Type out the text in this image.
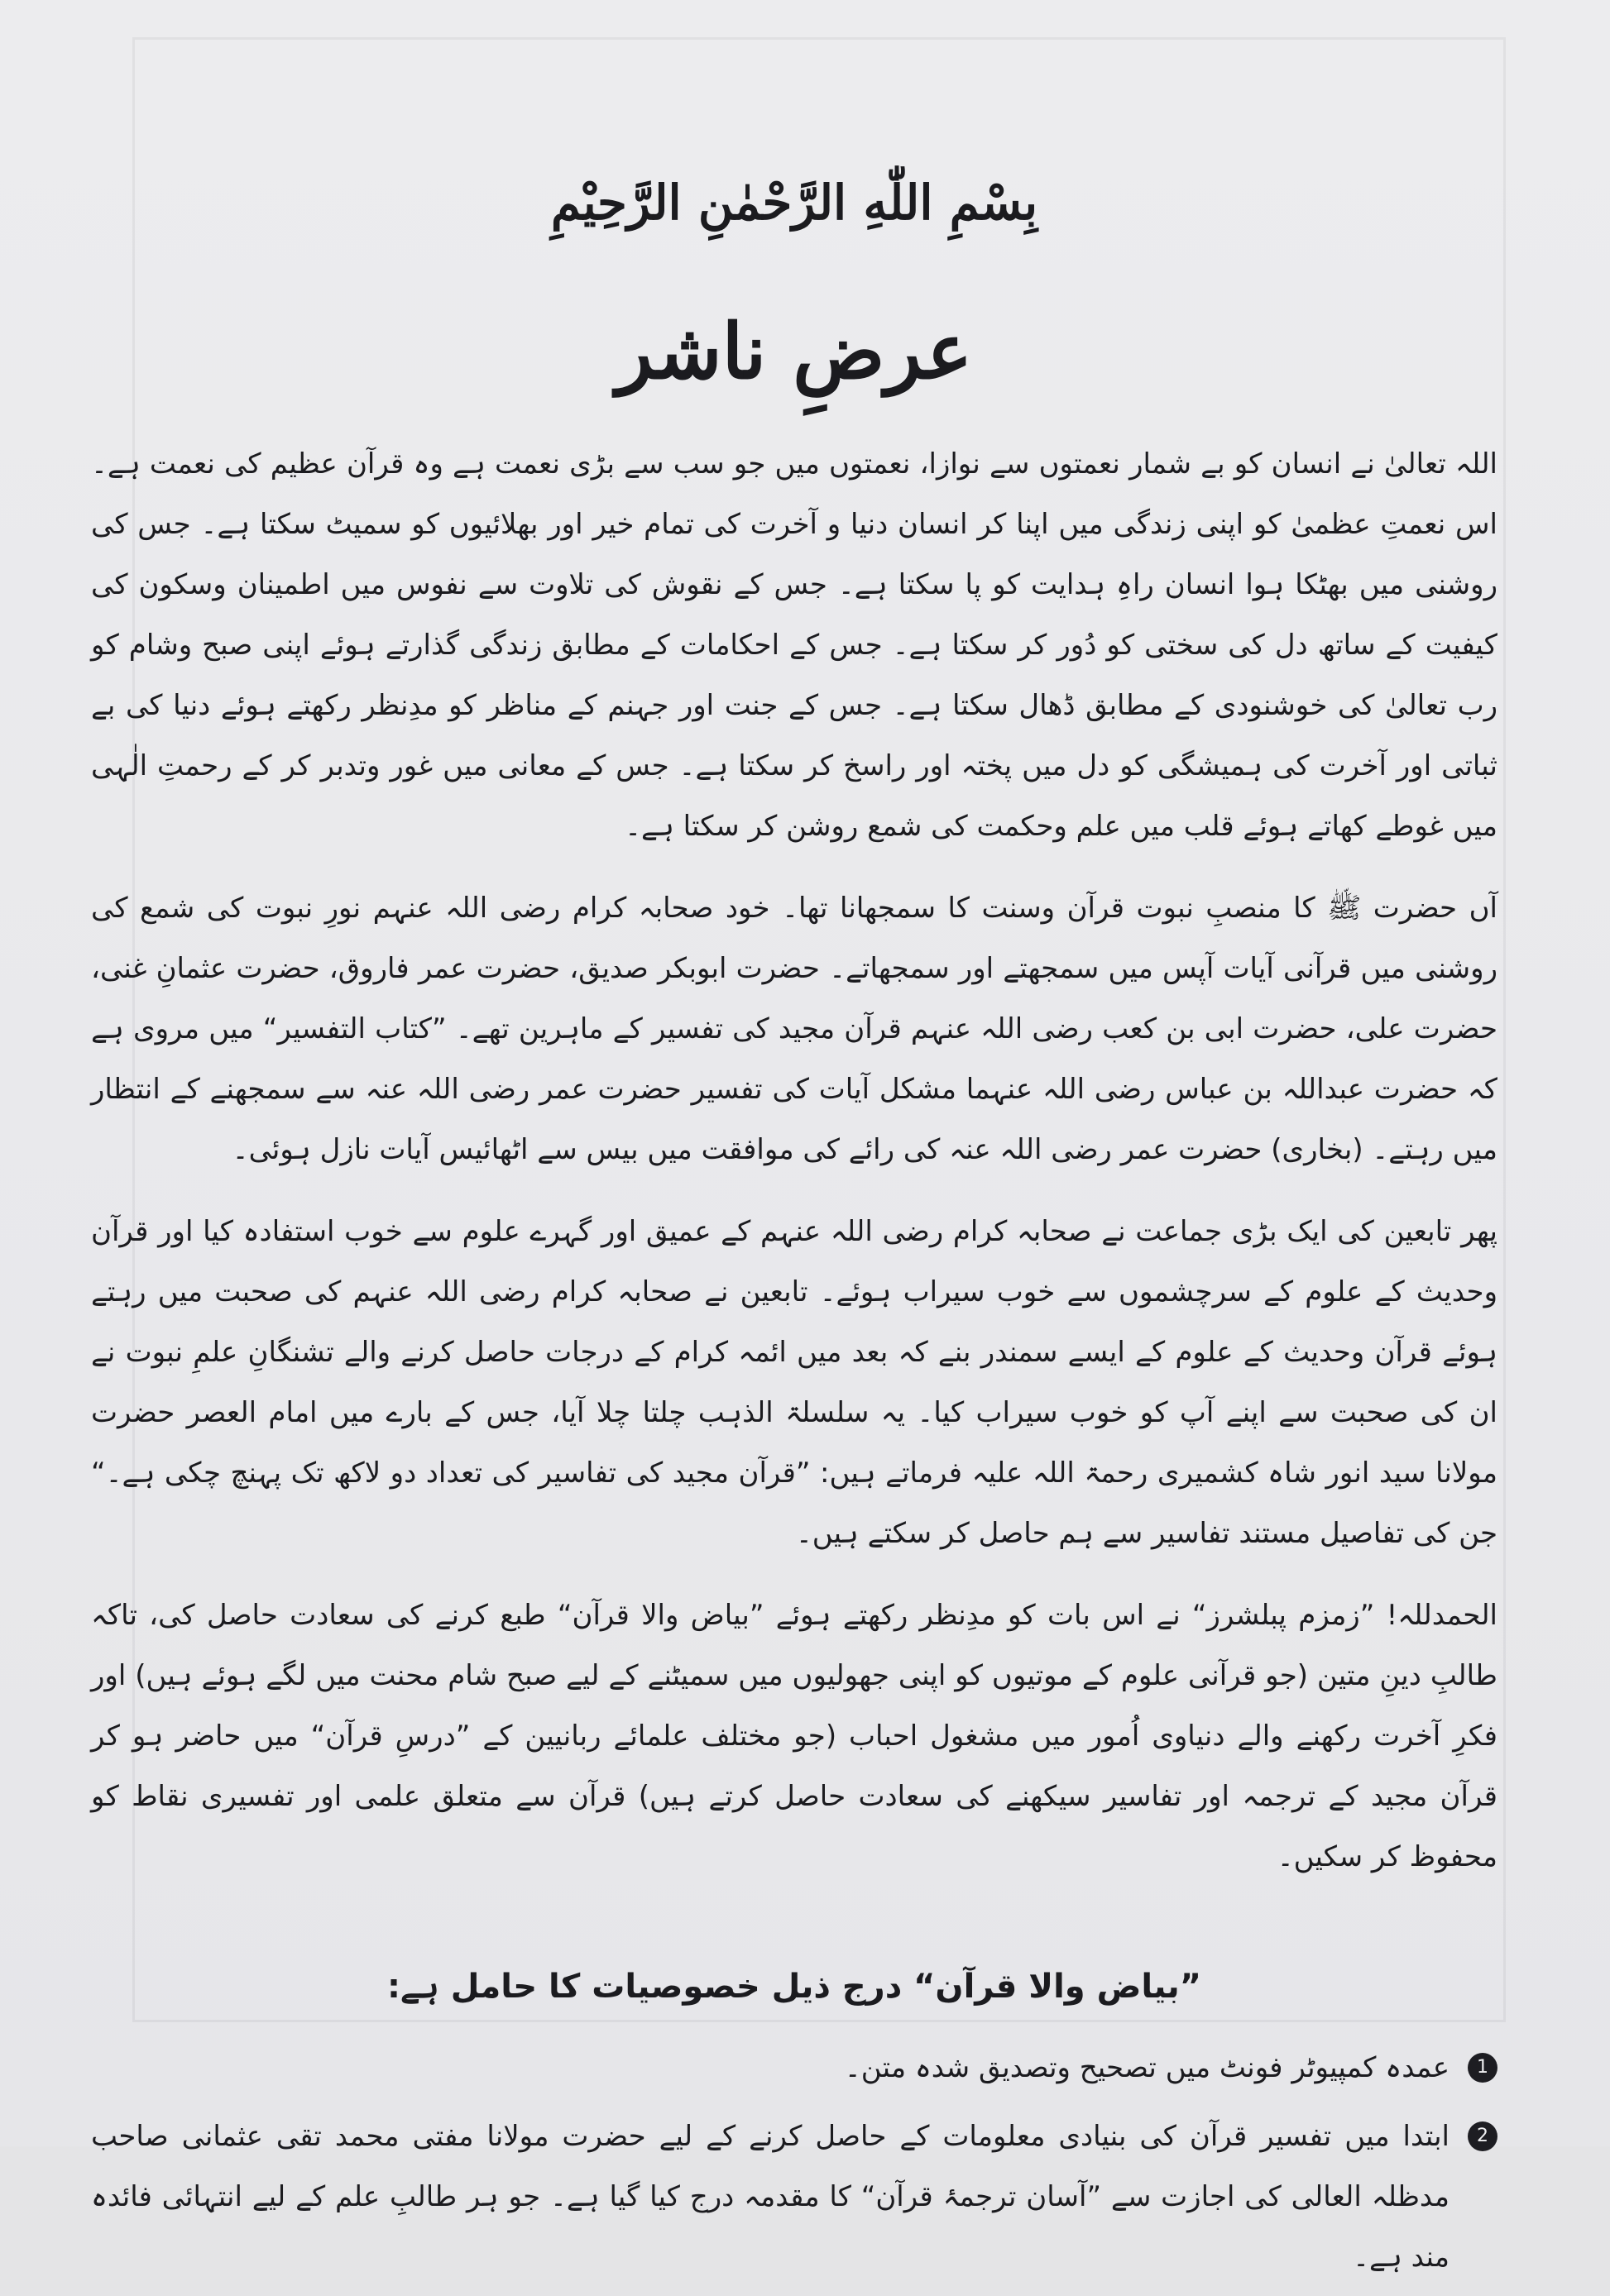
بِسْمِ اللّٰهِ الرَّحْمٰنِ الرَّحِیْمِ
عرضِ ناشر

اللہ تعالیٰ نے انسان کو بے شمار نعمتوں سے نوازا، نعمتوں میں جو سب سے بڑی نعمت ہے وہ قرآن عظیم کی نعمت ہے۔ اس نعمتِ عظمیٰ کو اپنی زندگی میں اپنا کر انسان دنیا و آخرت کی تمام خیر اور بھلائیوں کو سمیٹ سکتا ہے۔ جس کی روشنی میں بھٹکا ہوا انسان راہِ ہدایت کو پا سکتا ہے۔ جس کے نقوش کی تلاوت سے نفوس میں اطمینان وسکون کی کیفیت کے ساتھ دل کی سختی کو دُور کر سکتا ہے۔ جس کے احکامات کے مطابق زندگی گذارتے ہوئے اپنی صبح وشام کو رب تعالیٰ کی خوشنودی کے مطابق ڈھال سکتا ہے۔ جس کے جنت اور جہنم کے مناظر کو مدِنظر رکھتے ہوئے دنیا کی بے ثباتی اور آخرت کی ہمیشگی کو دل میں پختہ اور راسخ کر سکتا ہے۔ جس کے معانی میں غور وتدبر کر کے رحمتِ الٰہی میں غوطے کھاتے ہوئے قلب میں علم وحکمت کی شمع روشن کر سکتا ہے۔

آں حضرت ﷺ کا منصبِ نبوت قرآن وسنت کا سمجھانا تھا۔ خود صحابہ کرام رضی اللہ عنہم نورِ نبوت کی شمع کی روشنی میں قرآنی آیات آپس میں سمجھتے اور سمجھاتے۔ حضرت ابوبکر صدیق، حضرت عمر فاروق، حضرت عثمانِ غنی، حضرت علی، حضرت ابی بن کعب رضی اللہ عنہم قرآن مجید کی تفسیر کے ماہرین تھے۔ ”کتاب التفسیر“ میں مروی ہے کہ حضرت عبداللہ بن عباس رضی اللہ عنہما مشکل آیات کی تفسیر حضرت عمر رضی اللہ عنہ سے سمجھنے کے انتظار میں رہتے۔ (بخاری) حضرت عمر رضی اللہ عنہ کی رائے کی موافقت میں بیس سے اٹھائیس آیات نازل ہوئی۔

پھر تابعین کی ایک بڑی جماعت نے صحابہ کرام رضی اللہ عنہم کے عمیق اور گہرے علوم سے خوب استفادہ کیا اور قرآن وحدیث کے علوم کے سرچشموں سے خوب سیراب ہوئے۔ تابعین نے صحابہ کرام رضی اللہ عنہم کی صحبت میں رہتے ہوئے قرآن وحدیث کے علوم کے ایسے سمندر بنے کہ بعد میں ائمہ کرام کے درجات حاصل کرنے والے تشنگانِ علمِ نبوت نے ان کی صحبت سے اپنے آپ کو خوب سیراب کیا۔ یہ سلسلۃ الذہب چلتا چلا آیا، جس کے بارے میں امام العصر حضرت مولانا سید انور شاہ کشمیری رحمۃ اللہ علیہ فرماتے ہیں: ”قرآن مجید کی تفاسیر کی تعداد دو لاکھ تک پہنچ چکی ہے۔“ جن کی تفاصیل مستند تفاسیر سے ہم حاصل کر سکتے ہیں۔

الحمدللہ! ”زمزم پبلشرز“ نے اس بات کو مدِنظر رکھتے ہوئے ”بیاض والا قرآن“ طبع کرنے کی سعادت حاصل کی، تاکہ طالبِ دینِ متین (جو قرآنی علوم کے موتیوں کو اپنی جھولیوں میں سمیٹنے کے لیے صبح شام محنت میں لگے ہوئے ہیں) اور فکرِ آخرت رکھنے والے دنیاوی اُمور میں مشغول احباب (جو مختلف علمائے ربانیین کے ”درسِ قرآن“ میں حاضر ہو کر قرآن مجید کے ترجمہ اور تفاسیر سیکھنے کی سعادت حاصل کرتے ہیں) قرآن سے متعلق علمی اور تفسیری نقاط کو محفوظ کر سکیں۔

”بیاض والا قرآن“ درج ذیل خصوصیات کا حامل ہے:
1
عمدہ کمپیوٹر فونٹ میں تصحیح وتصدیق شدہ متن۔
2
ابتدا میں تفسیر قرآن کی بنیادی معلومات کے حاصل کرنے کے لیے حضرت مولانا مفتی محمد تقی عثمانی صاحب مدظلہ العالی کی اجازت سے ”آسان ترجمۂ قرآن“ کا مقدمہ درج کیا گیا ہے۔ جو ہر طالبِ علم کے لیے انتہائی فائدہ مند ہے۔
